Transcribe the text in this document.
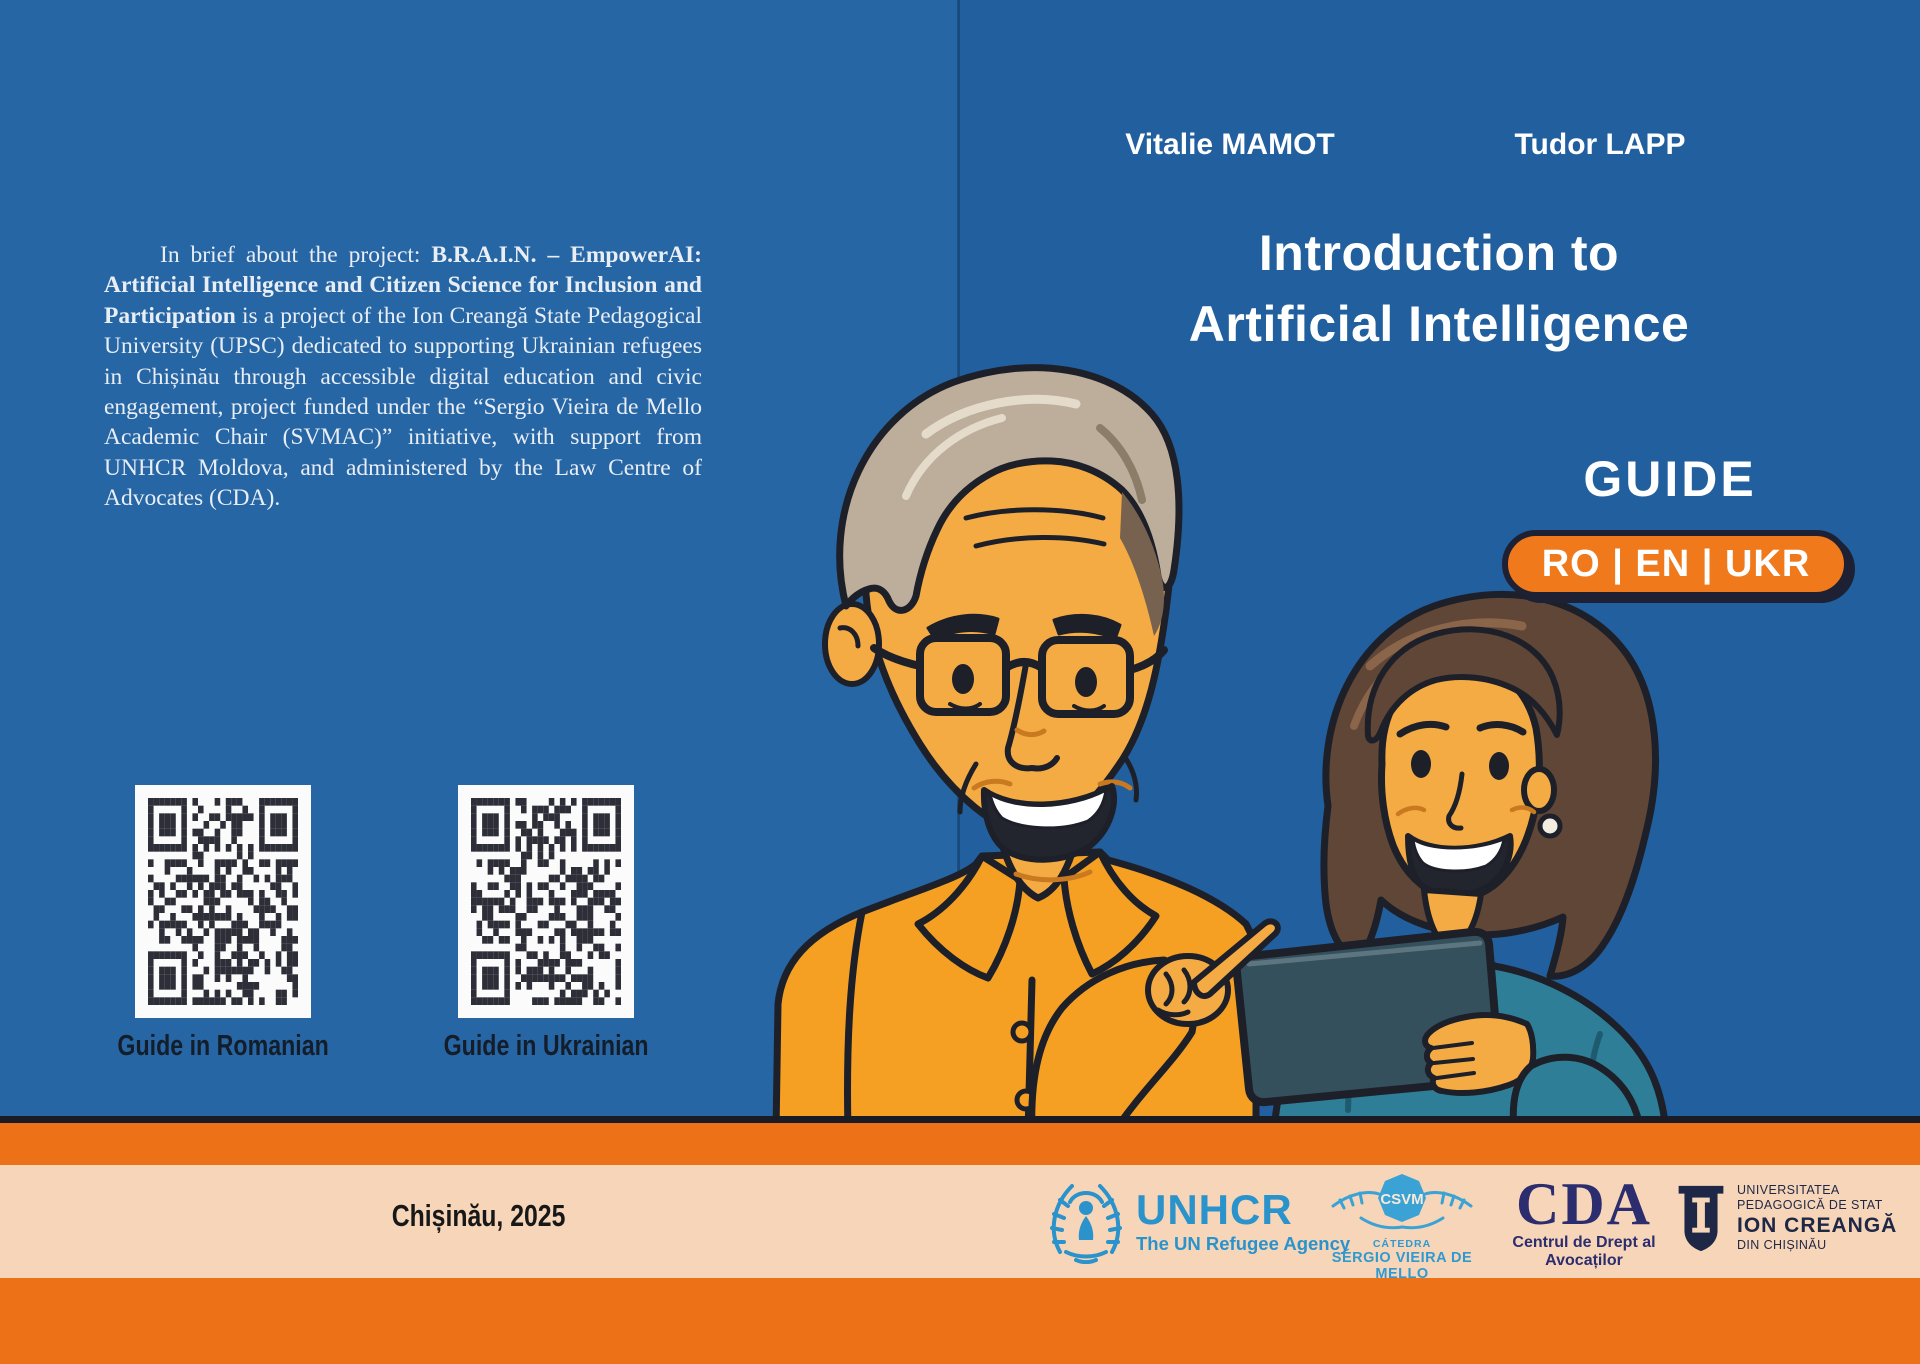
In brief about the project: B.R.A.I.N. – EmpowerAI: Artificial Intelligence and Citizen Science for Inclusion and Participation is a project of the Ion Creangă State Pedagogical University (UPSC) dedicated to supporting Ukrainian refugees in Chișinău through accessible digital education and civic engagement, project funded under the “Sergio Vieira de Mello Academic Chair (SVMAC)” initiative, with support from UNHCR Moldova, and administered by the Law Centre of Advocates (CDA).
Guide in Romanian	Guide in Ukrainian
Chișinău, 2025
Vitalie MAMOT	Tudor LAPP
Introduction to
Artificial Intelligence
GUIDE
RO | EN | UKR
UNHCR
The UN Refugee Agency
CSVM
CÁTEDRA
SÉRGIO VIEIRA DE MELLO
CDA
Centrul de Drept al Avocaților
UNIVERSITATEA
PEDAGOGICĂ DE STAT
ION CREANGĂ
DIN CHIȘINĂU
